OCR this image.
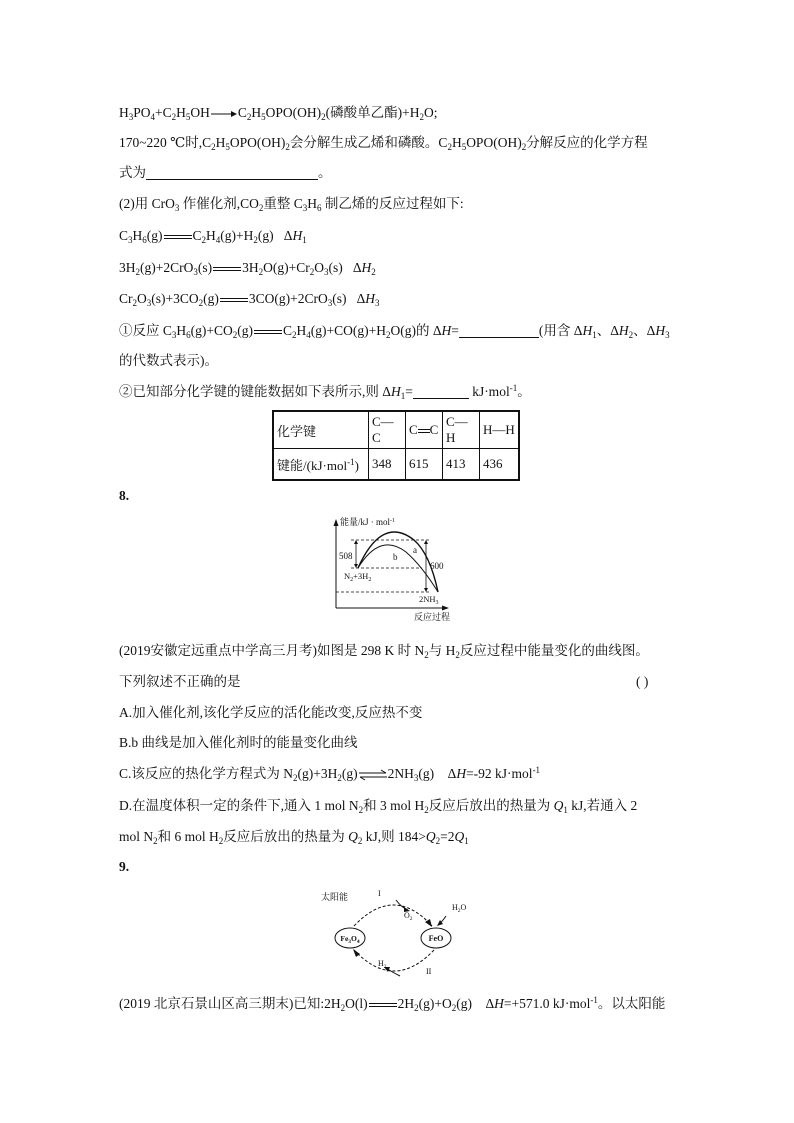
$H_3PO_4+C_2H_5OH\to C_2H_5OPO(OH)_2$(磷酸单乙酯)$+H_2O$;
170~220 ℃时$,C_2H_5OPO(OH)_2$会分解生成乙烯和磷酸。$C_2H_5OPO(OH)_2$分解反应的化学方程
式为	。
(2)用 CrO$_3$ 作催化剂$,CO_2$重整 $C_3H_6$ 制乙烯的反应过程如下:
$C_3H_6(g)$ $C_2H_4(g)+H_2(g)$   $\Delta H_1$
$3H_2(g)+2CrO_3(s)$ $3H_2O(g)+Cr_2O_3(s)$   $\Delta H_2$
$Cr_2O_3(s)+3CO_2(g)$ 3CO(g)+2CrO$_3$(s)   $\Delta H_3$
①反应 $C_3H_6(g)+CO_2(g)$ $C_2H_4(g)+CO(g)+H_2O(g)$的 ΔH=	(用含 $\Delta H_1$、$\Delta H_2$、$\Delta H_3$
的代数式表示)。
②已知部分化学键的键能数据如下表所示,则 $\Delta H_1=$	kJ·mol$^{-1}$。
化学键	C—C	C C	C—H	H—H
键能/(kJ·mol$^{-1}$)	348	615	413	436
8.
能量/kJ · mol$^{-1}$
508
600
a
b
$N_2+3H_2$
$2NH_3$
反应过程
(2019安徽定远重点中学高三月考)如图是 298 K 时 $N_2$与 $H_2$反应过程中能量变化的曲线图。
下列叙述不正确的是	( )
A.加入催化剂,该化学反应的活化能改变,反应热不变
B.b 曲线是加入催化剂时的能量变化曲线
C.该反应的热化学方程式为 $N_2(g)+3H_2(g)\rightleftharpoons 2NH_3(g)$    ΔH=-92 kJ·mol$^{-1}$
D.在温度体积一定的条件下,通入 1 mol $N_2$和 3 mol $H_2$反应后放出的热量为 $Q_1$ kJ,若通入 2
mol $N_2$和 6 mol $H_2$反应后放出的热量为 $Q_2$ kJ,则 $184>Q_2=2Q_1$
9.
$Fe_3O_4$	FeO
太阳能	I
$O_2$
$H_2O$
$H_2$	II
(2019 北京石景山区高三期末)已知$:2H_2O(l)$ $2H_2(g)+O_2(g)$    ΔH=+571.0 kJ·mol$^{-1}$。以太阳能
